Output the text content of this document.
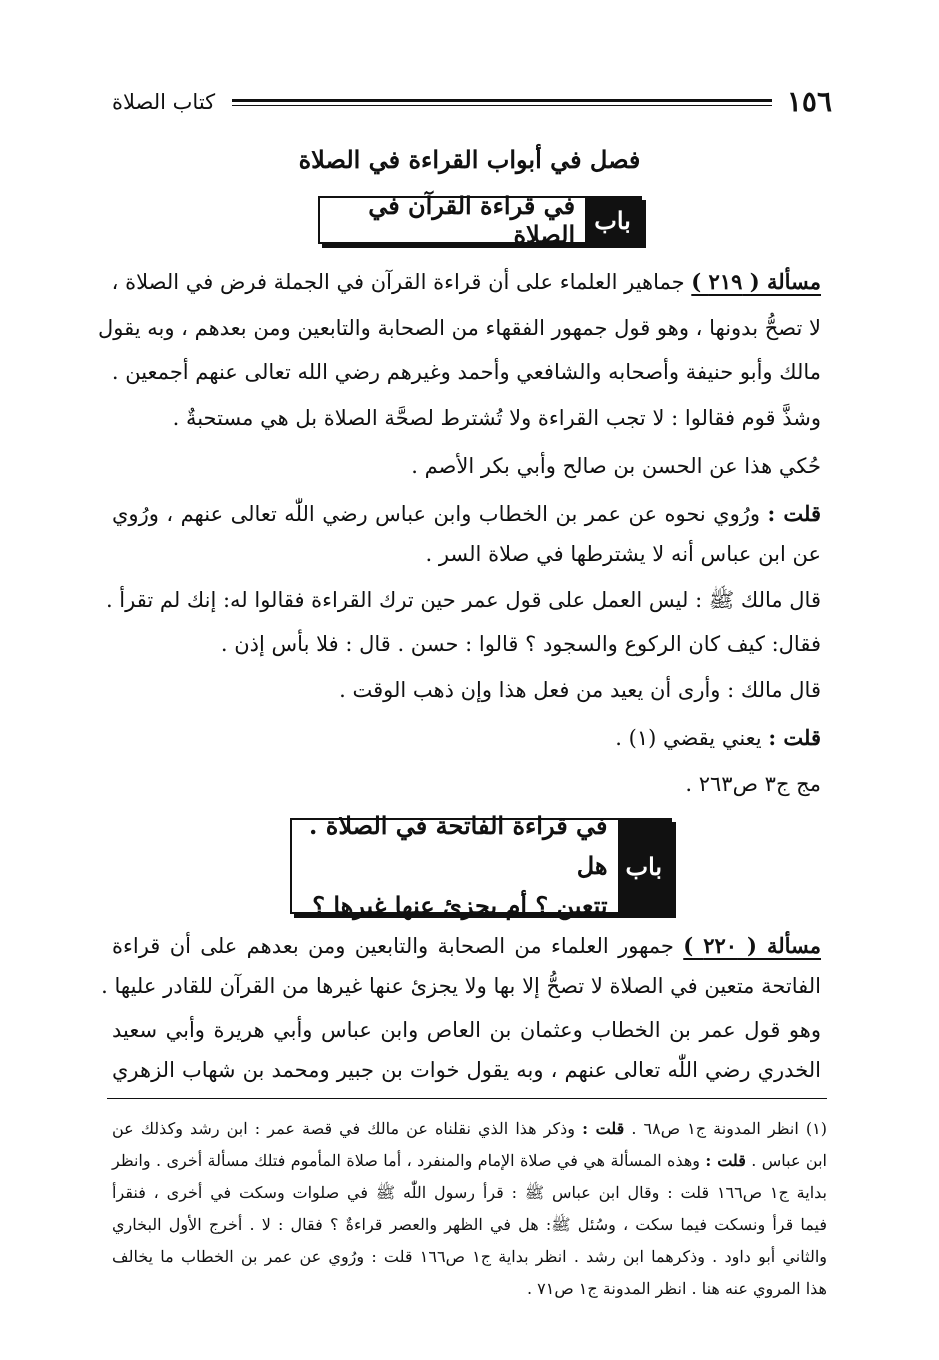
١٥٦
كتاب الصلاة
فصل في أبواب القراءة في الصلاة
باب
في قراءة القرآن في الصلاة
مسألة ( ٢١٩ ) جماهير العلماء على أن قراءة القرآن في الجملة فرض في الصلاة ،
لا تصحُّ بدونها ، وهو قول جمهور الفقهاء من الصحابة والتابعين ومن بعدهم ، وبه يقول
مالك وأبو حنيفة وأصحابه والشافعي وأحمد وغيرهم رضي الله تعالى عنهم أجمعين .
وشذَّ قوم فقالوا : لا تجب القراءة ولا تُشترط لصحَّة الصلاة بل هي مستحبةٌ .
حُكي هذا عن الحسن بن صالح وأبي بكر الأصم .
قلت : ورُوي نحوه عن عمر بن الخطاب وابن عباس رضي اللّٰه تعالى عنهم ، ورُوي
عن ابن عباس أنه لا يشترطها في صلاة السر .
قال مالك ﷺ : ليس العمل على قول عمر حين ترك القراءة فقالوا له: إنك لم تقرأ .
فقال: كيف كان الركوع والسجود ؟ قالوا : حسن . قال : فلا بأس إذن .
قال مالك : وأرى أن يعيد من فعل هذا وإن ذهب الوقت .
قلت : يعني يقضي (١) .
مج ج٣ ص٢٦٣ .
باب
في قراءة الفاتحة في الصلاة . هل
تتعين ؟ أم يجزئ عنها غيرها ؟
مسألة ( ٢٢٠ ) جمهور العلماء من الصحابة والتابعين ومن بعدهم على أن قراءة
الفاتحة متعين في الصلاة لا تصحُّ إلا بها ولا يجزئ عنها غيرها من القرآن للقادر عليها .
وهو قول عمر بن الخطاب وعثمان بن العاص وابن عباس وأبي هريرة وأبي سعيد
الخدري رضي اللّٰه تعالى عنهم ، وبه يقول خوات بن جبير ومحمد بن شهاب الزهري
(١) انظر المدونة ج١ ص٦٨ . قلت : وذكر هذا الذي نقلناه عن مالك في قصة عمر : ابن رشد وكذلك عن
ابن عباس . قلت : وهذه المسألة هي في صلاة الإمام والمنفرد ، أما صلاة المأموم فتلك مسألة أخرى . وانظر
بداية ج١ ص١٦٦ قلت : وقال ابن عباس ﷺ : قرأ رسول اللّٰه ﷺ في صلوات وسكت في أخرى ، فنقرأ
فيما قرأ ونسكت فيما سكت ، وسُئل ﷺ: هل في الظهر والعصر قراءةٌ ؟ فقال : لا . أخرج الأول البخاري
والثاني أبو داود . وذكرهما ابن رشد . انظر بداية ج١ ص١٦٦ قلت : ورُوي عن عمر بن الخطاب ما يخالف
هذا المروي عنه هنا . انظر المدونة ج١ ص٧١ .
